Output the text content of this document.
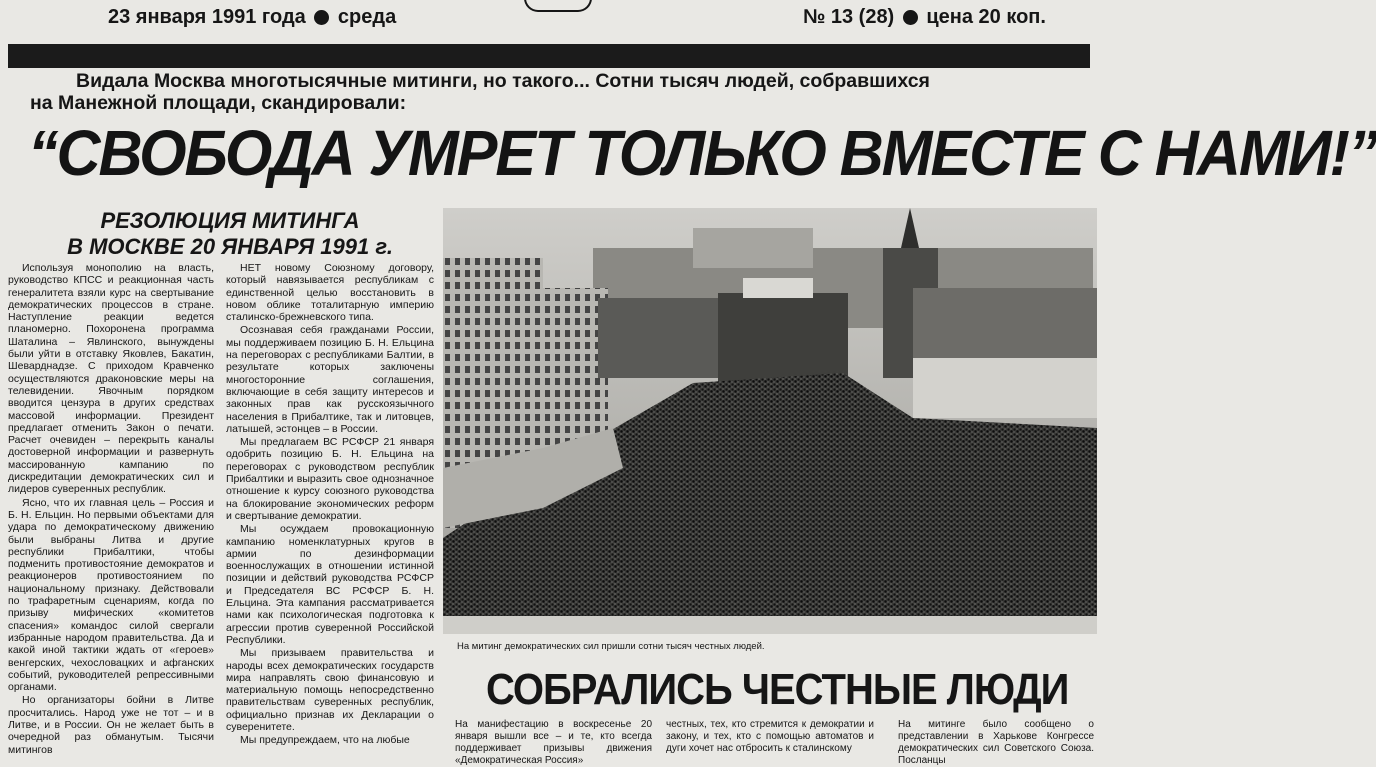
23 января 1991 года среда	№ 13 (28) цена 20 коп.
Видала Москва многотысячные митинги, но такого... Сотни тысяч людей, собравшихся
на Манежной площади, скандировали:
“СВОБОДА УМРЕТ ТОЛЬКО ВМЕСТЕ С НАМИ!”
РЕЗОЛЮЦИЯ МИТИНГА
В МОСКВЕ 20 ЯНВАРЯ 1991 г.

Используя монополию на власть, руководство КПСС и реакционная часть генералитета взяли курс на свертывание демократических процессов в стране. Наступление реакции ведется планомерно. Похоронена программа Шаталина – Явлинского, вынуждены были уйти в отставку Яковлев, Бакатин, Шеварднадзе. С приходом Кравченко осуществляются драконовские меры на телевидении. Явочным порядком вводится цензура в других средствах массовой информации. Президент предлагает отменить Закон о печати. Расчет очевиден – перекрыть каналы достоверной информации и развернуть массированную кампанию по дискредитации демократических сил и лидеров суверенных республик.

Ясно, что их главная цель – Россия и Б. Н. Ельцин. Но первыми объектами для удара по демократическому движению были выбраны Литва и другие республики Прибалтики, чтобы подменить противостояние демократов и реакционеров противостоянием по национальному признаку. Действовали по трафаретным сценариям, когда по призыву мифических «комитетов спасения» командос силой свергали избранные народом правительства. Да и какой иной тактики ждать от «героев» венгерских, чехословацких и афганских событий, руководителей репрессивными органами.

Но организаторы бойни в Литве просчитались. Народ уже не тот – и в Литве, и в России. Он не желает быть в очередной раз обманутым. Тысячи митингов

НЕТ новому Союзному договору, который навязывается республикам с единственной целью восстановить в новом облике тоталитарную империю сталинско-брежневского типа.

Осознавая себя гражданами России, мы поддерживаем позицию Б. Н. Ельцина на переговорах с республиками Балтии, в результате которых заключены многосторонние соглашения, включающие в себя защиту интересов и законных прав как русскоязычного населения в Прибалтике, так и литовцев, латышей, эстонцев – в России.

Мы предлагаем ВС РСФСР 21 января одобрить позицию Б. Н. Ельцина на переговорах с руководством республик Прибалтики и выразить свое однозначное отношение к курсу союзного руководства на блокирование экономических реформ и свертывание демократии.

Мы осуждаем провокационную кампанию номенклатурных кругов в армии по дезинформации военнослужащих в отношении истинной позиции и действий руководства РСФСР и Председателя ВС РСФСР Б. Н. Ельцина. Эта кампания рассматривается нами как психологическая подготовка к агрессии против суверенной Российской Республики.

Мы призываем правительства и народы всех демократических государств мира направлять свою финансовую и материальную помощь непосредственно правительствам суверенных республик, официально признав их Декларации о суверенитете.

Мы предупреждаем, что на любые

На митинг демократических сил пришли сотни тысяч честных людей.
СОБРАЛИСЬ ЧЕСТНЫЕ ЛЮДИ
На манифестацию в воскресенье 20 января вышли все – и те, кто всегда поддерживает призывы движения «Демократическая Россия»
честных, тех, кто стремится к демократии и закону, и тех, кто с помощью автоматов и дуги хочет нас отбросить к сталинскому
На митинге было сообщено о представлении в Харьковe Конгрессе демократических сил Советского Союза. Посланцы
